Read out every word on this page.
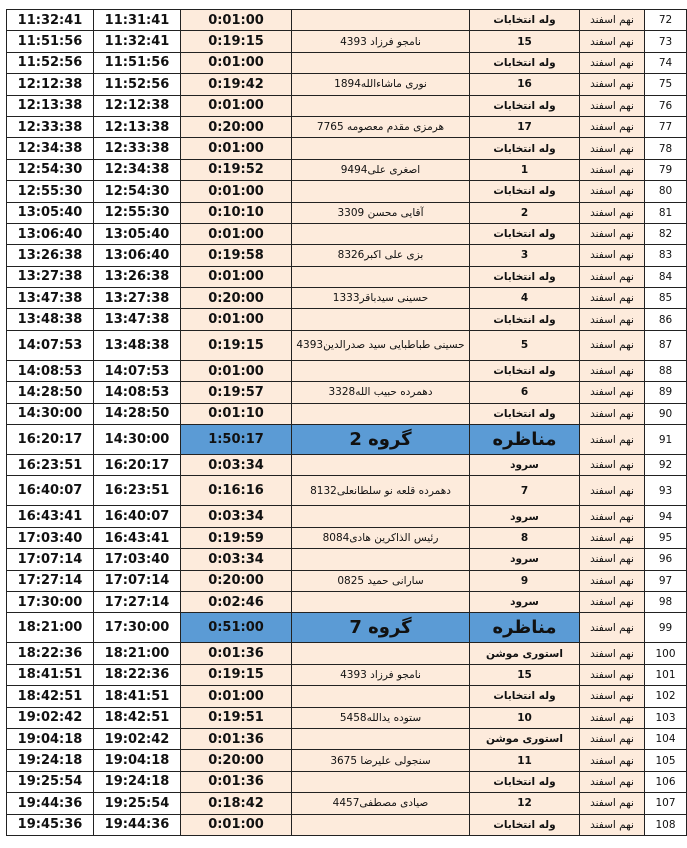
11:32:41	11:31:41	0:01:00		وله انتخابات	نهم اسفند	72
11:51:56	11:32:41	0:19:15	نامجو فرزاد 4393	15	نهم اسفند	73
11:52:56	11:51:56	0:01:00		وله انتخابات	نهم اسفند	74
12:12:38	11:52:56	0:19:42	نوری ماشاءالله1894	16	نهم اسفند	75
12:13:38	12:12:38	0:01:00		وله انتخابات	نهم اسفند	76
12:33:38	12:13:38	0:20:00	هرمزی مقدم معصومه 7765	17	نهم اسفند	77
12:34:38	12:33:38	0:01:00		وله انتخابات	نهم اسفند	78
12:54:30	12:34:38	0:19:52	اصغری علی9494	1	نهم اسفند	79
12:55:30	12:54:30	0:01:00		وله انتخابات	نهم اسفند	80
13:05:40	12:55:30	0:10:10	آقایی محسن 3309	2	نهم اسفند	81
13:06:40	13:05:40	0:01:00		وله انتخابات	نهم اسفند	82
13:26:38	13:06:40	0:19:58	بزی علی اکبر8326	3	نهم اسفند	83
13:27:38	13:26:38	0:01:00		وله انتخابات	نهم اسفند	84
13:47:38	13:27:38	0:20:00	حسینی سیدباقر1333	4	نهم اسفند	85
13:48:38	13:47:38	0:01:00		وله انتخابات	نهم اسفند	86
14:07:53	13:48:38	0:19:15	حسینی طباطبایی سید صدرالدین4393	5	نهم اسفند	87
14:08:53	14:07:53	0:01:00		وله انتخابات	نهم اسفند	88
14:28:50	14:08:53	0:19:57	دهمرده حبیب الله3328	6	نهم اسفند	89
14:30:00	14:28:50	0:01:10		وله انتخابات	نهم اسفند	90
16:20:17	14:30:00	1:50:17	گروه 2	مناظره	نهم اسفند	91
16:23:51	16:20:17	0:03:34		سرود	نهم اسفند	92
16:40:07	16:23:51	0:16:16	دهمرده قلعه نو سلطانعلی8132	7	نهم اسفند	93
16:43:41	16:40:07	0:03:34		سرود	نهم اسفند	94
17:03:40	16:43:41	0:19:59	رئیس الذاکرین هادی8084	8	نهم اسفند	95
17:07:14	17:03:40	0:03:34		سرود	نهم اسفند	96
17:27:14	17:07:14	0:20:00	سارانی حمید 0825	9	نهم اسفند	97
17:30:00	17:27:14	0:02:46		سرود	نهم اسفند	98
18:21:00	17:30:00	0:51:00	گروه 7	مناظره	نهم اسفند	99
18:22:36	18:21:00	0:01:36		استوری موشن	نهم اسفند	100
18:41:51	18:22:36	0:19:15	نامجو فرزاد 4393	15	نهم اسفند	101
18:42:51	18:41:51	0:01:00		وله انتخابات	نهم اسفند	102
19:02:42	18:42:51	0:19:51	ستوده یدالله5458	10	نهم اسفند	103
19:04:18	19:02:42	0:01:36		استوری موشن	نهم اسفند	104
19:24:18	19:04:18	0:20:00	سنجولی علیرضا 3675	11	نهم اسفند	105
19:25:54	19:24:18	0:01:36		وله انتخابات	نهم اسفند	106
19:44:36	19:25:54	0:18:42	صیادی مصطفی4457	12	نهم اسفند	107
19:45:36	19:44:36	0:01:00		وله انتخابات	نهم اسفند	108
